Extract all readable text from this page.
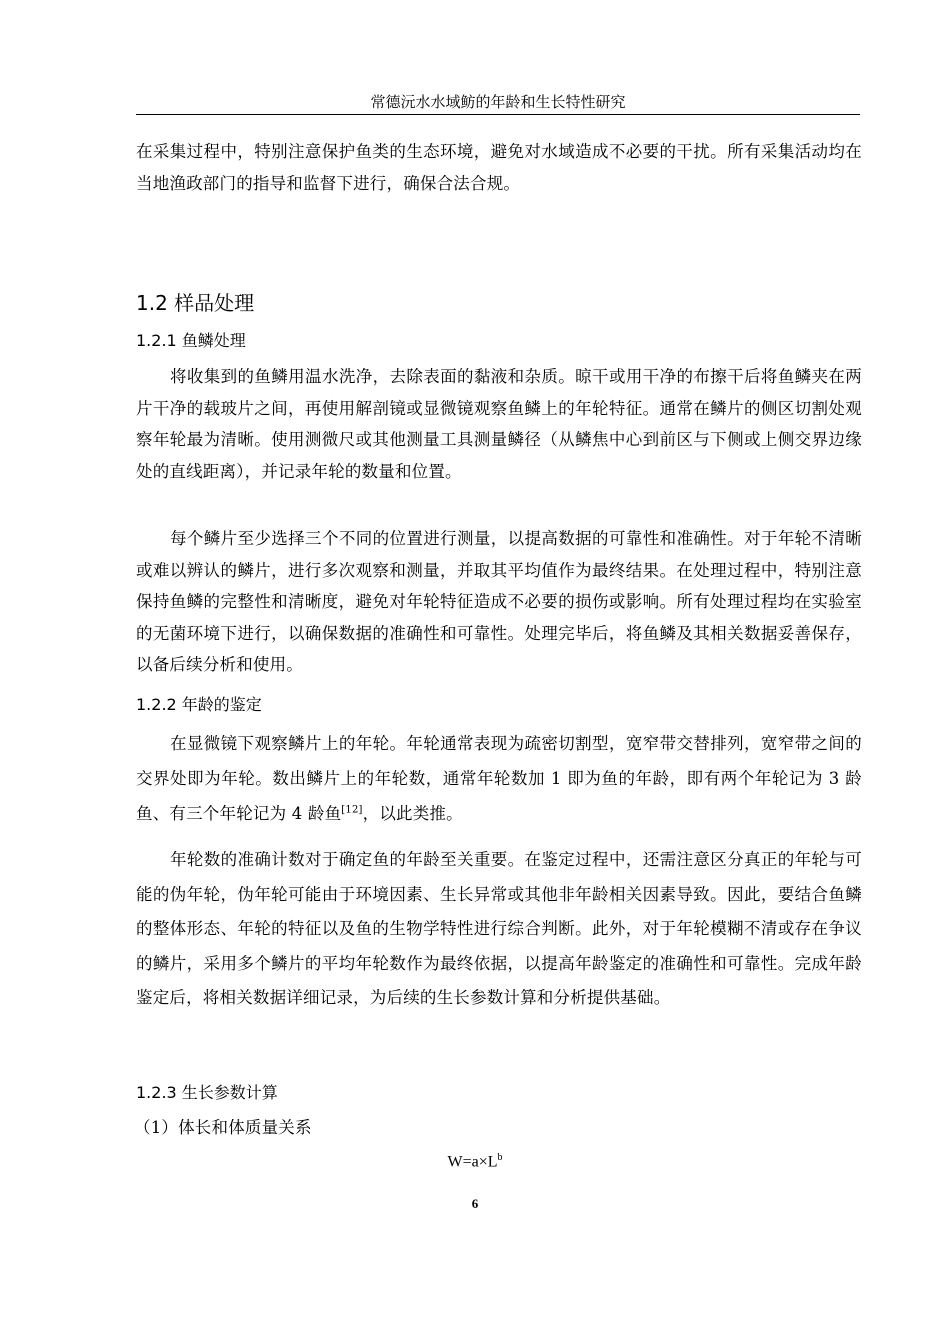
常德沅水水域鲂的年龄和生长特性研究
在采集过程中，特别注意保护鱼类的生态环境，避免对水域造成不必要的干扰。所有采集活动均在当地渔政部门的指导和监督下进行，确保合法合规。
1.2 样品处理
1.2.1 鱼鳞处理
将收集到的鱼鳞用温水洗净，去除表面的黏液和杂质。晾干或用干净的布擦干后将鱼鳞夹在两片干净的载玻片之间，再使用解剖镜或显微镜观察鱼鳞上的年轮特征。通常在鳞片的侧区切割处观察年轮最为清晰。使用测微尺或其他测量工具测量鳞径（从鳞焦中心到前区与下侧或上侧交界边缘处的直线距离），并记录年轮的数量和位置。
每个鳞片至少选择三个不同的位置进行测量，以提高数据的可靠性和准确性。对于年轮不清晰或难以辨认的鳞片，进行多次观察和测量，并取其平均值作为最终结果。在处理过程中，特别注意保持鱼鳞的完整性和清晰度，避免对年轮特征造成不必要的损伤或影响。所有处理过程均在实验室的无菌环境下进行，以确保数据的准确性和可靠性。处理完毕后，将鱼鳞及其相关数据妥善保存，以备后续分析和使用。
1.2.2 年龄的鉴定
在显微镜下观察鳞片上的年轮。年轮通常表现为疏密切割型，宽窄带交替排列，宽窄带之间的交界处即为年轮。数出鳞片上的年轮数，通常年轮数加 1 即为鱼的年龄，即有两个年轮记为 3 龄鱼、有三个年轮记为 4 龄鱼[12]，以此类推。
年轮数的准确计数对于确定鱼的年龄至关重要。在鉴定过程中，还需注意区分真正的年轮与可能的伪年轮，伪年轮可能由于环境因素、生长异常或其他非年龄相关因素导致。因此，要结合鱼鳞的整体形态、年轮的特征以及鱼的生物学特性进行综合判断。此外，对于年轮模糊不清或存在争议的鳞片，采用多个鳞片的平均年轮数作为最终依据，以提高年龄鉴定的准确性和可靠性。完成年龄鉴定后，将相关数据详细记录，为后续的生长参数计算和分析提供基础。
1.2.3 生长参数计算
（1）体长和体质量关系
$W=a\times L^b$
6
